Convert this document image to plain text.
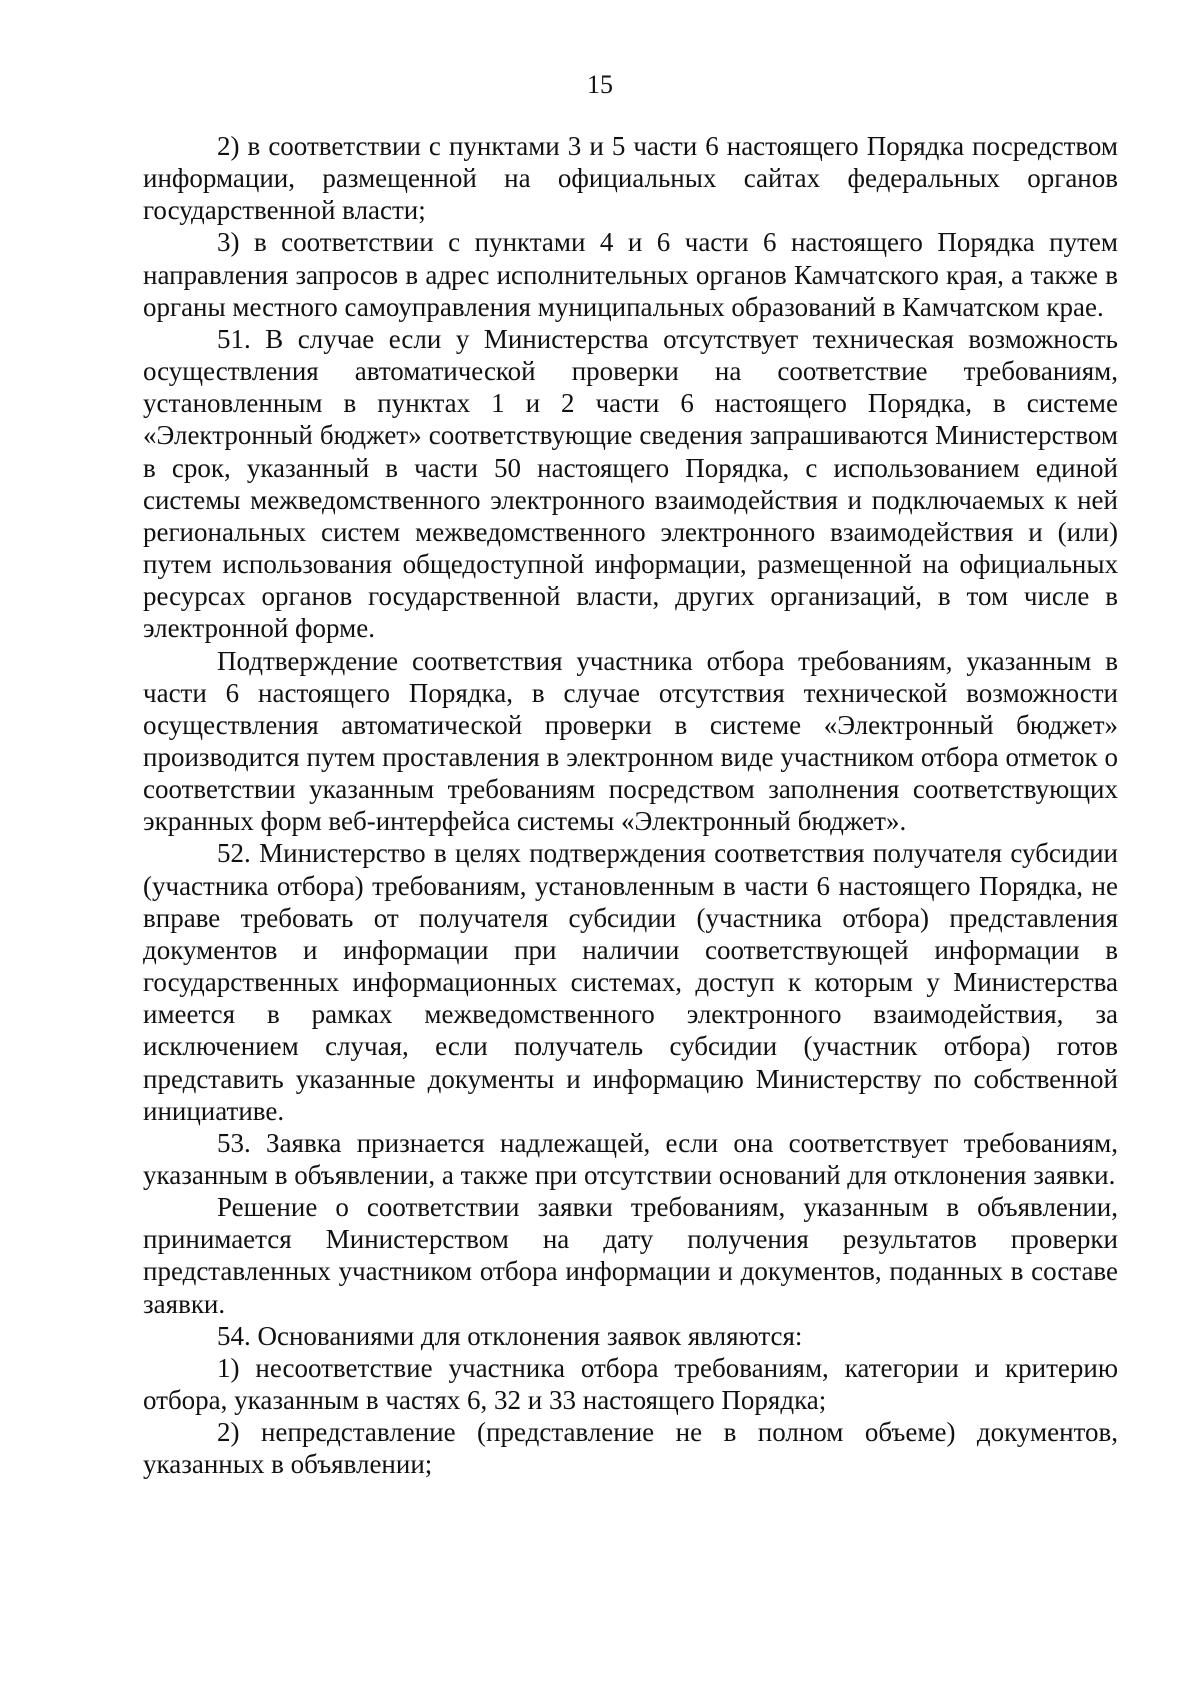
15

2) в соответствии с пунктами 3 и 5 части 6 настоящего Порядка посредством информации, размещенной на официальных сайтах федеральных органов государственной власти;

3) в соответствии с пунктами 4 и 6 части 6 настоящего Порядка путем направления запросов в адрес исполнительных органов Камчатского края, а также в органы местного самоуправления муниципальных образований в Камчатском крае.

51. В случае если у Министерства отсутствует техническая возможность осуществления автоматической проверки на соответствие требованиям, установленным в пунктах 1 и 2 части 6 настоящего Порядка, в системе «Электронный бюджет» соответствующие сведения запрашиваются Министерством в срок, указанный в части 50 настоящего Порядка, с использованием единой системы межведомственного электронного взаимодействия и подключаемых к ней региональных систем межведомственного электронного взаимодействия и (или) путем использования общедоступной информации, размещенной на официальных ресурсах органов государственной власти, других организаций, в том числе в электронной форме.

Подтверждение соответствия участника отбора требованиям, указанным в части 6 настоящего Порядка, в случае отсутствия технической возможности осуществления автоматической проверки в системе «Электронный бюджет» производится путем проставления в электронном виде участником отбора отметок о соответствии указанным требованиям посредством заполнения соответствующих экранных форм веб-интерфейса системы «Электронный бюджет».

52. Министерство в целях подтверждения соответствия получателя субсидии (участника отбора) требованиям, установленным в части 6 настоящего Порядка, не вправе требовать от получателя субсидии (участника отбора) представления документов и информации при наличии соответствующей информации в государственных информационных системах, доступ к которым у Министерства имеется в рамках межведомственного электронного взаимодействия, за исключением случая, если получатель субсидии (участник отбора) готов представить указанные документы и информацию Министерству по собственной инициативе.

53. Заявка признается надлежащей, если она соответствует требованиям, указанным в объявлении, а также при отсутствии оснований для отклонения заявки.

Решение о соответствии заявки требованиям, указанным в объявлении, принимается Министерством на дату получения результатов проверки представленных участником отбора информации и документов, поданных в составе заявки.

54. Основаниями для отклонения заявок являются:

1) несоответствие участника отбора требованиям, категории и критерию отбора, указанным в частях 6, 32 и 33 настоящего Порядка;

2) непредставление (представление не в полном объеме) документов, указанных в объявлении;
